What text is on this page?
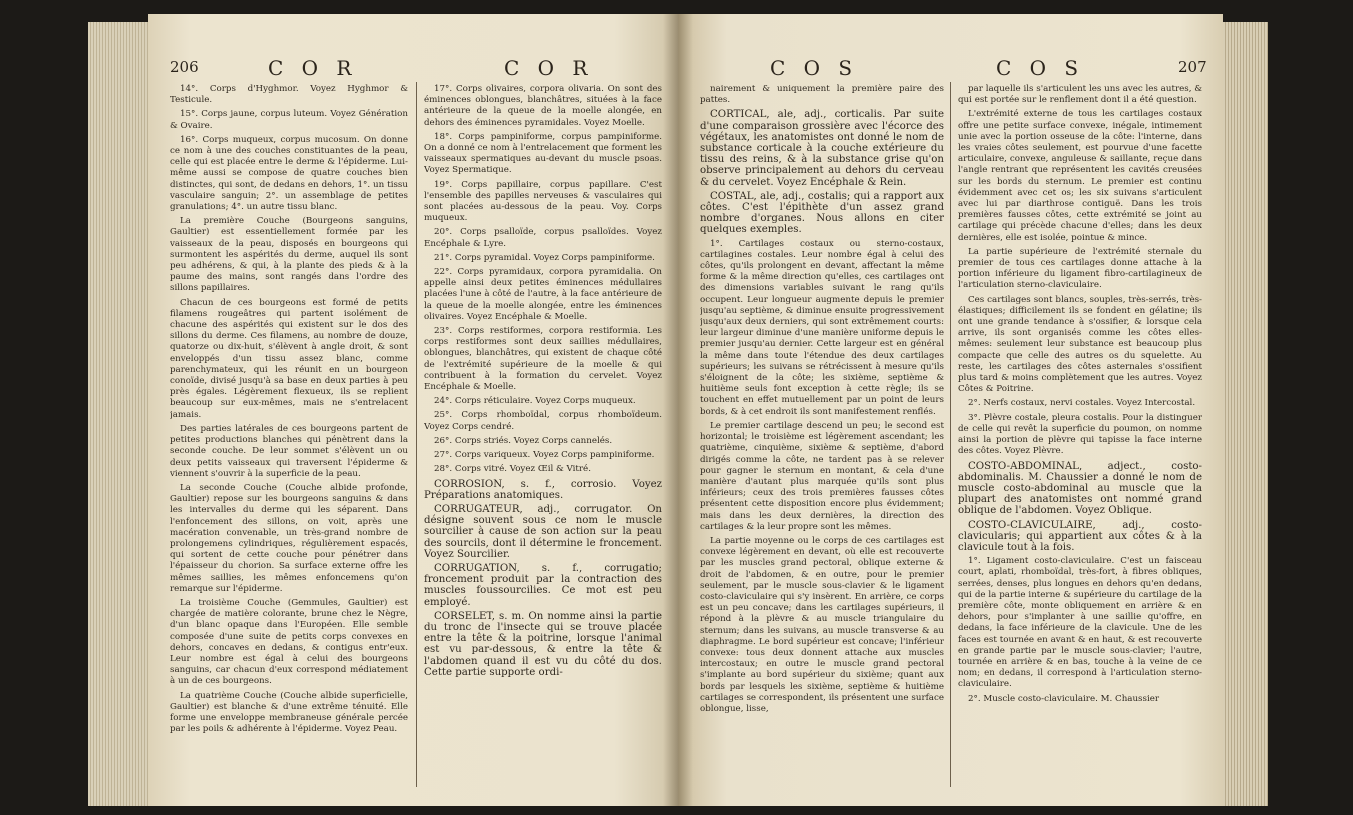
206	C O R	C O R

14°. Corps d'Hyghmor. Voyez Hyghmor & Testicule.

15°. Corps jaune, corpus luteum. Voyez Génération & Ovaire.

16°. Corps muqueux, corpus mucosum. On donne ce nom à une des couches constituantes de la peau, celle qui est placée entre le derme & l'épiderme. Lui-même aussi se compose de quatre couches bien distinctes, qui sont, de dedans en dehors, 1°. un tissu vasculaire sanguin; 2°. un assemblage de petites granulations; 4°. un autre tissu blanc.

La première Couche (Bourgeons sanguins, Gaultier) est essentiellement formée par les vaisseaux de la peau, disposés en bourgeons qui surmontent les aspérités du derme, auquel ils sont peu adhérens, & qui, à la plante des pieds & à la paume des mains, sont rangés dans l'ordre des sillons papillaires.

Chacun de ces bourgeons est formé de petits filamens rougeâtres qui partent isolément de chacune des aspérités qui existent sur le dos des sillons du derme. Ces filamens, au nombre de douze, quatorze ou dix-huit, s'élèvent à angle droit, & sont enveloppés d'un tissu assez blanc, comme parenchymateux, qui les réunit en un bourgeon conoïde, divisé jusqu'à sa base en deux parties à peu près égales. Légèrement flexueux, ils se replient beaucoup sur eux-mêmes, mais ne s'entrelacent jamais.

Des parties latérales de ces bourgeons partent de petites productions blanches qui pénètrent dans la seconde couche. De leur sommet s'élèvent un ou deux petits vaisseaux qui traversent l'épidermе & viennent s'ouvrir à la superficie de la peau.

La seconde Couche (Couche albide profonde, Gaultier) repose sur les bourgeons sanguins & dans les intervalles du derme qui les séparent. Dans l'enfoncement des sillons, on voit, après une macération convenable, un très-grand nombre de prolongemens cylindriques, régulièrement espacés, qui sortent de cette couche pour pénétrer dans l'épaisseur du chorion. Sa surface externe offre les mêmes saillies, les mêmes enfoncemens qu'on remarque sur l'épiderme.

La troisième Couche (Gemmules, Gaultier) est chargée de matière colorante, brune chez le Nègre, d'un blanc opaque dans l'Européen. Elle semble composée d'une suite de petits corps convexes en dehors, concaves en dedans, & contigus entr'eux. Leur nombre est égal à celui des bourgeons sanguins, car chacun d'eux correspond médiatement à un de ces bourgeons.

La quatrième Couche (Couche albide superficielle, Gaultier) est blanche & d'une extrême ténuité. Elle forme une enveloppe membraneuse générale percée par les poils & adhérente à l'épiderme. Voyez Peau.

17°. Corps olivaires, corpora olivaria. On sont des éminences oblongues, blanchâtres, situées à la face antérieure de la queue de la moelle alongée, en dehors des éminences pyramidales. Voyez Moelle.

18°. Corps pampiniforme, corpus pampiniforme. On a donné ce nom à l'entrelacement que forment les vaisseaux spermatiques au-devant du muscle psoas. Voyez Spermatique.

19°. Corps papillaire, corpus papillare. C'est l'ensemble des papilles nerveuses & vasculaires qui sont placées au-dessous de la peau. Voy. Corps muqueux.

20°. Corps psalloïde, corpus psalloïdes. Voyez Encéphale & Lyre.

21°. Corps pyramidal. Voyez Corps pampiniforme.

22°. Corps pyramidaux, corpora pyramidalia. On appelle ainsi deux petites éminences médullaires placées l'une à côté de l'autre, à la face antérieure de la queue de la moelle alongée, entre les éminences olivaires. Voyez Encéphale & Moelle.

23°. Corps restiformes, corpora restiformia. Les corps restiformes sont deux saillies médullaires, oblongues, blanchâtres, qui existent de chaque côté de l'extrémité supérieure de la moelle & qui contribuent à la formation du cervelet. Voyez Encéphale & Moelle.

24°. Corps réticulaire. Voyez Corps muqueux.

25°. Corps rhomboïdal, corpus rhomboïdeum. Voyez Corps cendré.

26°. Corps striés. Voyez Corps cannelés.

27°. Corps variqueux. Voyez Corps pampiniforme.

28°. Corps vitré. Voyez Œil & Vitré.

CORROSION, s. f., corrosio. Voyez Préparations anatomiques.

CORRUGATEUR, adj., corrugator. On désigne souvent sous ce nom le muscle sourcilier à cause de son action sur la peau des sourcils, dont il détermine le froncement. Voyez Sourcilier.

CORRUGATION, s. f., corrugatio; froncement produit par la contraction des muscles foussourcilies. Ce mot est peu employé.

CORSELET, s. m. On nomme ainsi la partie du tronc de l'insecte qui se trouve placée entre la tête & la poitrine, lorsque l'animal est vu par-dessous, & entre la tête & l'abdomen quand il est vu du côté du dos. Cette partie supporte ordi-

C O S	C O S	207

nairement & uniquement la première paire des pattes.

CORTICAL, ale, adj., corticalis. Par suite d'une comparaison grossière avec l'écorce des végétaux, les anatomistes ont donné le nom de substance corticale à la couche extérieure du tissu des reins, & à la substance grise qu'on observe principalement au dehors du cerveau & du cervelet. Voyez Encéphale & Rein.

COSTAL, ale, adj., costalis; qui a rapport aux côtes. C'est l'épithète d'un assez grand nombre d'organes. Nous allons en citer quelques exemples.

1°. Cartilages costaux ou sterno-costaux, cartilagines costales. Leur nombre égal à celui des côtes, qu'ils prolongent en devant, affectant la même forme & la même direction qu'elles, ces cartilages ont des dimensions variables suivant le rang qu'ils occupent. Leur longueur augmente depuis le premier jusqu'au septième, & diminue ensuite progressivement jusqu'aux deux derniers, qui sont extrêmement courts: leur largeur diminue d'une manière uniforme depuis le premier jusqu'au dernier. Cette largeur est en général la même dans toute l'étendue des deux cartilages supérieurs; les suivans se rétrécissent à mesure qu'ils s'éloignent de la côte; les sixième, septième & huitième seuls font exception à cette règle; ils se touchent en effet mutuellement par un point de leurs bords, & à cet endroit ils sont manifestement renflés.

Le premier cartilage descend un peu; le second est horizontal; le troisième est légèrement ascendant; les quatrième, cinquième, sixième & septième, d'abord dirigés comme la côte, ne tardent pas à se relever pour gagner le sternum en montant, & cela d'une manière d'autant plus marquée qu'ils sont plus inférieurs; ceux des trois premières fausses côtes présentent cette disposition encore plus évidemment; mais dans les deux dernières, la direction des cartilages & la leur propre sont les mêmes.

La partie moyenne ou le corps de ces cartilages est convexe légèrement en devant, où elle est recouverte par les muscles grand pectoral, oblique externe & droit de l'abdomen, & en outre, pour le premier seulement, par le muscle sous-clavier & le ligament costo-claviculaire qui s'y insèrent. En arrière, ce corps est un peu concave; dans les cartilages supérieurs, il répond à la plèvre & au muscle triangulaire du sternum; dans les suivans, au muscle transverse & au diaphragme. Le bord supérieur est concave; l'inférieur convexe: tous deux donnent attache aux muscles intercostaux; en outre le muscle grand pectoral s'implante au bord supérieur du sixième; quant aux bords par lesquels les sixième, septième & huitième cartilages se correspondent, ils présentent une surface oblongue, lisse,

par laquelle ils s'articulent les uns avec les autres, & qui est portée sur le renflement dont il a été question.

L'extrémité externe de tous les cartilages costaux offre une petite surface convexe, inégale, intimement unie avec la portion osseuse de la côte: l'interne, dans les vraies côtes seulement, est pourvue d'une facette articulaire, convexe, anguleuse & saillante, reçue dans l'angle rentrant que représentent les cavités creusées sur les bords du sternum. Le premier est continu évidemment avec cet os; les six suivans s'articulent avec lui par diarthrose contiguë. Dans les trois premières fausses côtes, cette extrémité se joint au cartilage qui précède chacune d'elles; dans les deux dernières, elle est isolée, pointue & mince.

La partie supérieure de l'extrémité sternale du premier de tous ces cartilages donne attache à la portion inférieure du ligament fibro-cartilagineux de l'articulation sterno-claviculaire.

Ces cartilages sont blancs, souples, très-serrés, très-élastiques; difficilement ils se fondent en gélatine; ils ont une grande tendance à s'ossifier, & lorsque cela arrive, ils sont organisés comme les côtes elles-mêmes: seulement leur substance est beaucoup plus compacte que celle des autres os du squelette. Au reste, les cartilages des côtes asternales s'ossifient plus tard & moins complètement que les autres. Voyez Côtes & Poitrine.

2°. Nerfs costaux, nervi costales. Voyez Intercostal.

3°. Plèvre costale, pleura costalis. Pour la distinguer de celle qui revêt la superficie du poumon, on nomme ainsi la portion de plèvre qui tapisse la face interne des côtes. Voyez Plèvre.

COSTO-ABDOMINAL, adject., costo-abdominalis. M. Chaussier a donné le nom de muscle costo-abdominal au muscle que la plupart des anatomistes ont nommé grand oblique de l'abdomen. Voyez Oblique.

COSTO-CLAVICULAIRE, adj., costo-clavicularis; qui appartient aux côtes & à la clavicule tout à la fois.

1°. Ligament costo-claviculaire. C'est un faisceau court, aplati, rhomboïdal, très-fort, à fibres obliques, serrées, denses, plus longues en dehors qu'en dedans, qui de la partie interne & supérieure du cartilage de la première côte, monte obliquement en arrière & en dehors, pour s'implanter à une saillie qu'offre, en dedans, la face inférieure de la clavicule. Une de les faces est tournée en avant & en haut, & est recouverte en grande partie par le muscle sous-clavier; l'autre, tournée en arrière & en bas, touche à la veine de ce nom; en dedans, il correspond à l'articulation sterno-claviculaire.

2°. Muscle costo-claviculaire. M. Chaussier
